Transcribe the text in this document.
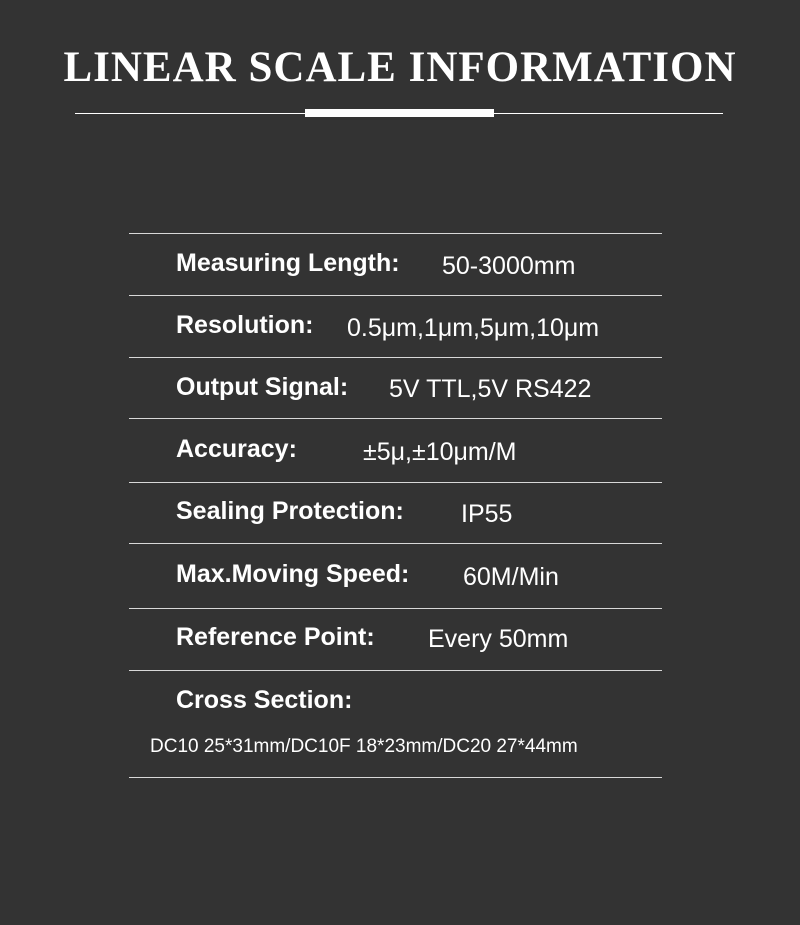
LINEAR SCALE INFORMATION
Measuring Length: 50-3000mm
Resolution: 0.5μm,1μm,5μm,10μm
Output Signal: 5V TTL,5V RS422
Accuracy:	±5μ,±10μm/M
Sealing Protection: IP55
Max.Moving Speed: 60M/Min
Reference Point: Every 50mm
Cross Section:
DC10 25*31mm/DC10F 18*23mm/DC20 27*44mm
